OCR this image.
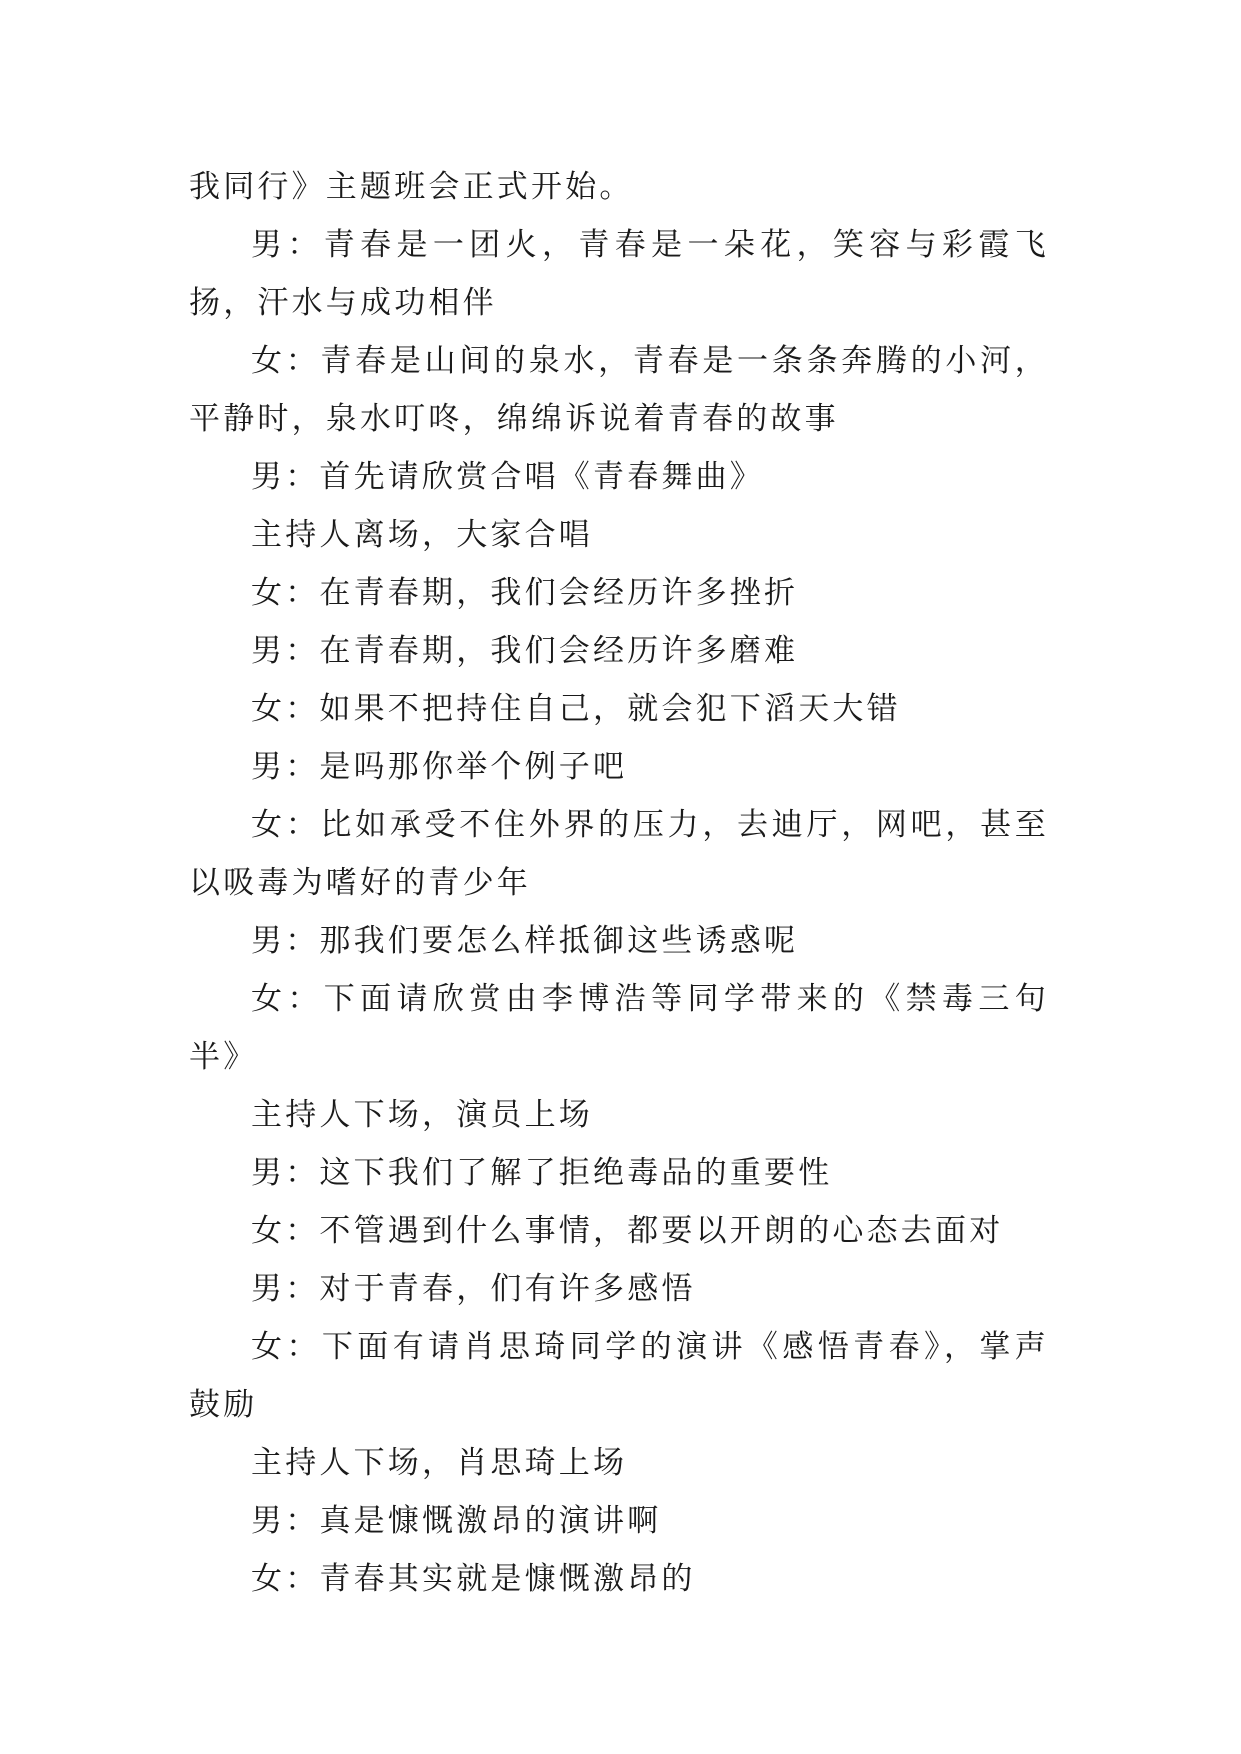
我同行》主题班会正式开始。

男：青春是一团火，青春是一朵花，笑容与彩霞飞扬，汗水与成功相伴

女：青春是山间的泉水，青春是一条条奔腾的小河，平静时，泉水叮咚，绵绵诉说着青春的故事

男：首先请欣赏合唱《青春舞曲》

主持人离场，大家合唱

女：在青春期，我们会经历许多挫折

男：在青春期，我们会经历许多磨难

女：如果不把持住自己，就会犯下滔天大错

男：是吗那你举个例子吧

女：比如承受不住外界的压力，去迪厅，网吧，甚至以吸毒为嗜好的青少年

男：那我们要怎么样抵御这些诱惑呢

女：下面请欣赏由李博浩等同学带来的《禁毒三句半》

主持人下场，演员上场

男：这下我们了解了拒绝毒品的重要性

女：不管遇到什么事情，都要以开朗的心态去面对

男：对于青春，们有许多感悟

女：下面有请肖思琦同学的演讲《感悟青春》，掌声鼓励

主持人下场，肖思琦上场

男：真是慷慨激昂的演讲啊

女：青春其实就是慷慨激昂的
